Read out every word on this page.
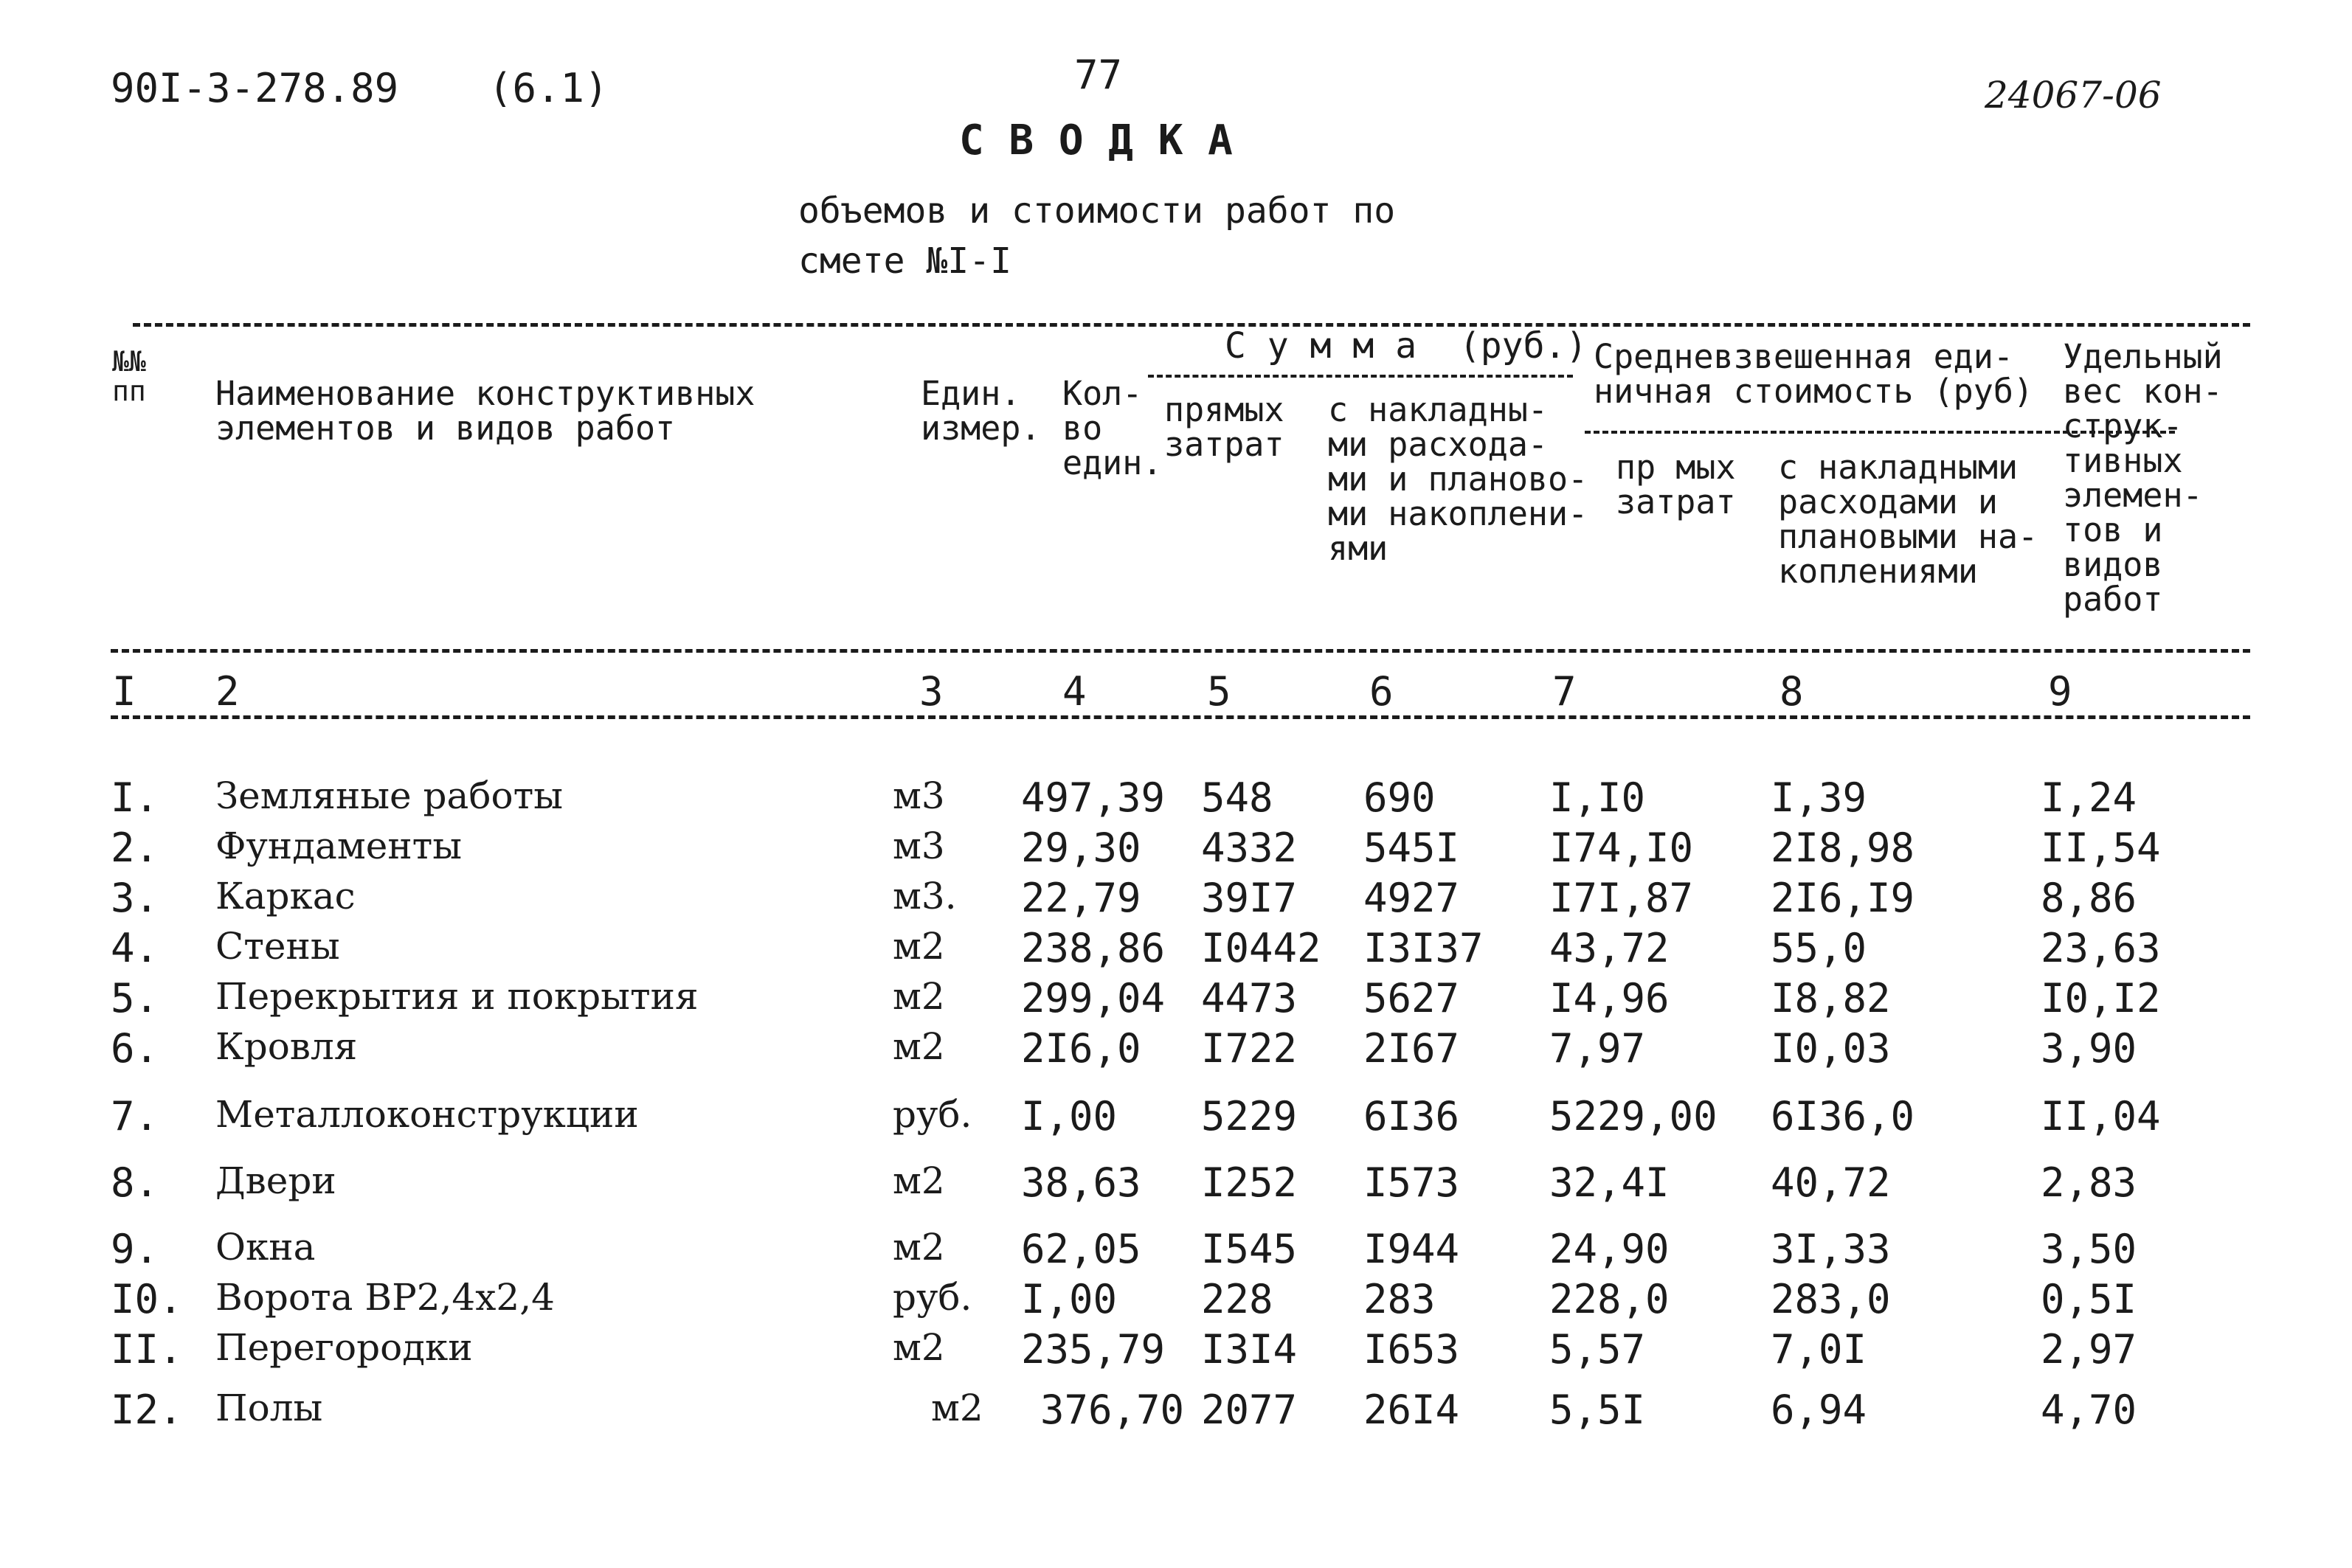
90I-3-278.89 (6.1)	77	24067-06
С В О Д К А
объемов и стоимости работ по
смете №I-I
№№
пп Наименование конструктивных
элементов и видов работ
Един.
измер.
Кол-
во
един.
С у м м а  (руб.)
прямых
затрат
с накладны-
ми расхода-
ми и планово-
ми накоплени-
ями
Средневзвешенная еди-
ничная стоимость (руб)
пр мых
затрат
с накладными
расходами и
плановыми на-
коплениями
Удельный
вес кон-
струк-
тивных
элемен-
тов и
видов
работ
I 2	3	4	5	6	7	8	9
I. Земляные работы	м3 497,39 548 690	I,I0	I,39	I,24
2. Фундаменты	м3 29,30 4332 545I I74,I0 2I8,98	II,54
3. Каркас	м3. 22,79 39I7 4927 I7I,87 2I6,I9	8,86
4. Стены	м2 238,86 I0442 I3I37 43,72	55,0	23,63
5. Перекрытия и покрытия	м2 299,04 4473 5627 I4,96	I8,82	I0,I2
6. Кровля	м2 2I6,0 I722 2I67 7,97	I0,03	3,90
7. Металлоконструкции	руб. I,00 5229 6I36 5229,00 6I36,0	II,04
8. Двери	м2 38,63 I252 I573 32,4I	40,72	2,83
9. Окна	м2 62,05 I545 I944 24,90	3I,33	3,50
I0. Ворота ВР2,4х2,4	руб. I,00 228 283	228,0	283,0	0,5I
II. Перегородки	м2 235,79 I3I4 I653 5,57	7,0I	2,97
I2. Полы	м2 376,70 2077 26I4 5,5I	6,94	4,70
